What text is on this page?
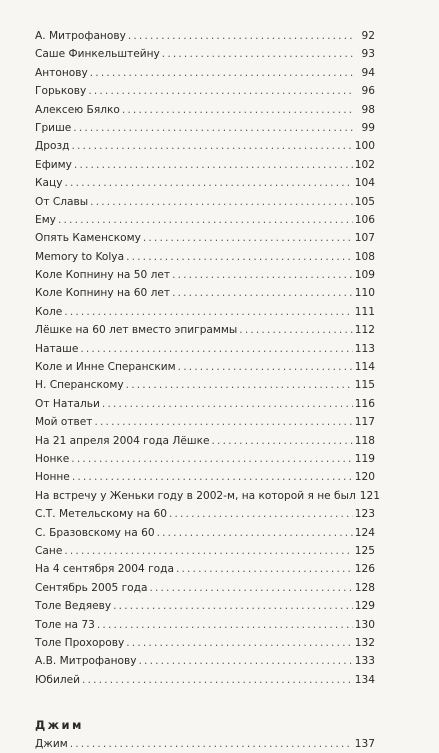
А. Митрофанову . . .	92
Саше Финкельштейну . . .	93
Антонову . . .	94
Горькову . . .	96
Алексею Бялко . . .	98
Грише . . .	99
Дрозд . . .	100
Ефиму . . .	102
Кацу . . .	104
От Славы . . .	105
Ему . . .	106
Опять Каменскому . . .	107
Memory to Kolya . . .	108
Коле Копнину на 50 лет . . .	109
Коле Копнину на 60 лет . . .	110
Коле . . .	111
Лёшке на 60 лет вместо эпиграммы . . .	112
Наташе . . .	113
Коле и Инне Сперанским . . .	114
Н. Сперанскому . . .	115
От Натальи . . .	116
Мой ответ . . .	117
На 21 апреля 2004 года Лёшке . . .	118
Нонке . . .	119
Нонне . . .	120
На встречу у Женьки году в 2002-м, на которой я не был 121
С.Т. Метельскому на 60 . . .	123
С. Бразовскому на 60 . . .	124
Сане . . .	125
На 4 сентября 2004 года . . .	126
Сентябрь 2005 года . . .	128
Толе Ведяеву . . .	129
Толе на 73 . . .	130
Толе Прохорову . . .	132
А.В. Митрофанову . . .	133
Юбилей . . .	134
Джим
Джим . . .	137
